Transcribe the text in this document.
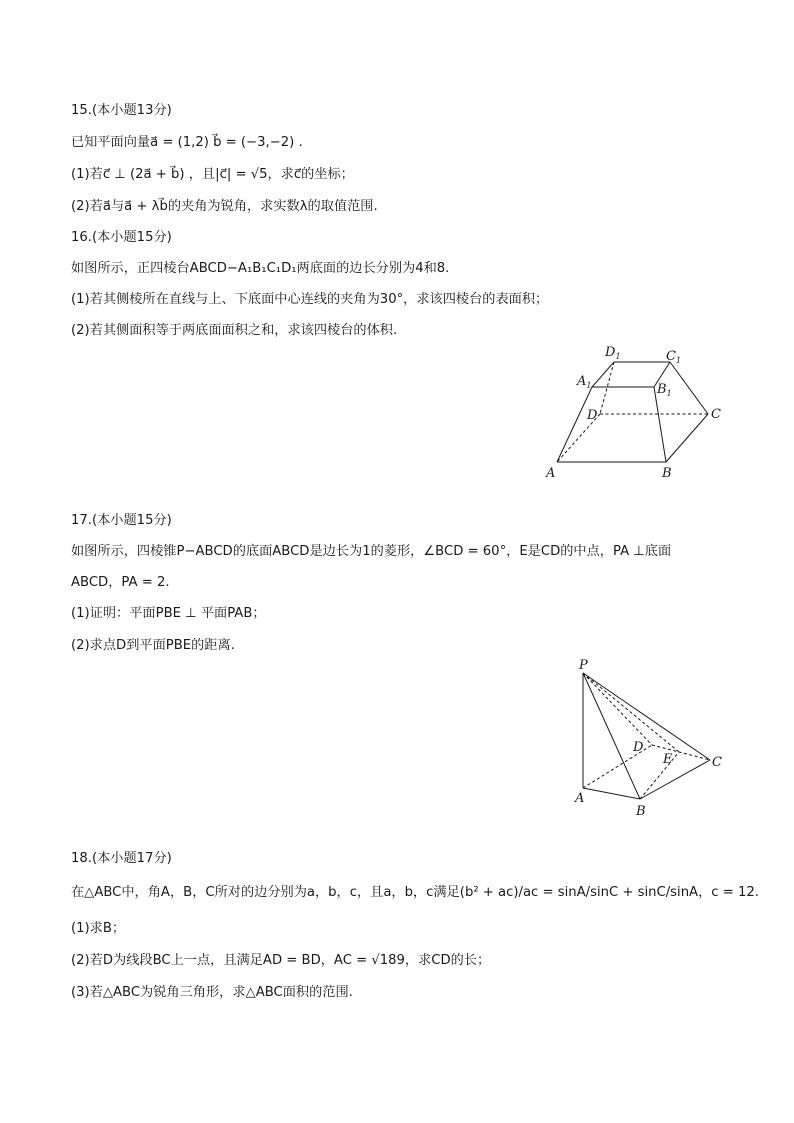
15.(本小题13分)
已知平面向量a⃗ = (1,2) b⃗ = (−3,−2) .
(1)若c⃗ ⊥ (2a⃗ + b⃗) ，且|c⃗| = √5，求c⃗的坐标；
(2)若a⃗与a⃗ + λb⃗的夹角为锐角，求实数λ的取值范围.
16.(本小题15分)
如图所示，正四棱台ABCD−A₁B₁C₁D₁两底面的边长分别为4和8.
(1)若其侧棱所在直线与上、下底面中心连线的夹角为30°，求该四棱台的表面积；
(2)若其侧面积等于两底面面积之和，求该四棱台的体积.
$D_1$	$C_1$
$A_1$	$B_1$
D	C
A	B
17.(本小题15分)
如图所示，四棱锥P−ABCD的底面ABCD是边长为1的菱形，∠BCD = 60°，E是CD的中点，PA ⊥底面
ABCD，PA = 2.
(1)证明：平面PBE ⊥ 平面PAB；
(2)求点D到平面PBE的距离.
P
A
B
C
D
E
18.(本小题17分)
在△ABC中，角A，B，C所对的边分别为a，b，c，且a，b，c满足(b² + ac)/ac = sinA/sinC + sinC/sinA，c = 12.
(1)求B；
(2)若D为线段BC上一点，且满足AD = BD，AC = √189，求CD的长；
(3)若△ABC为锐角三角形，求△ABC面积的范围.
